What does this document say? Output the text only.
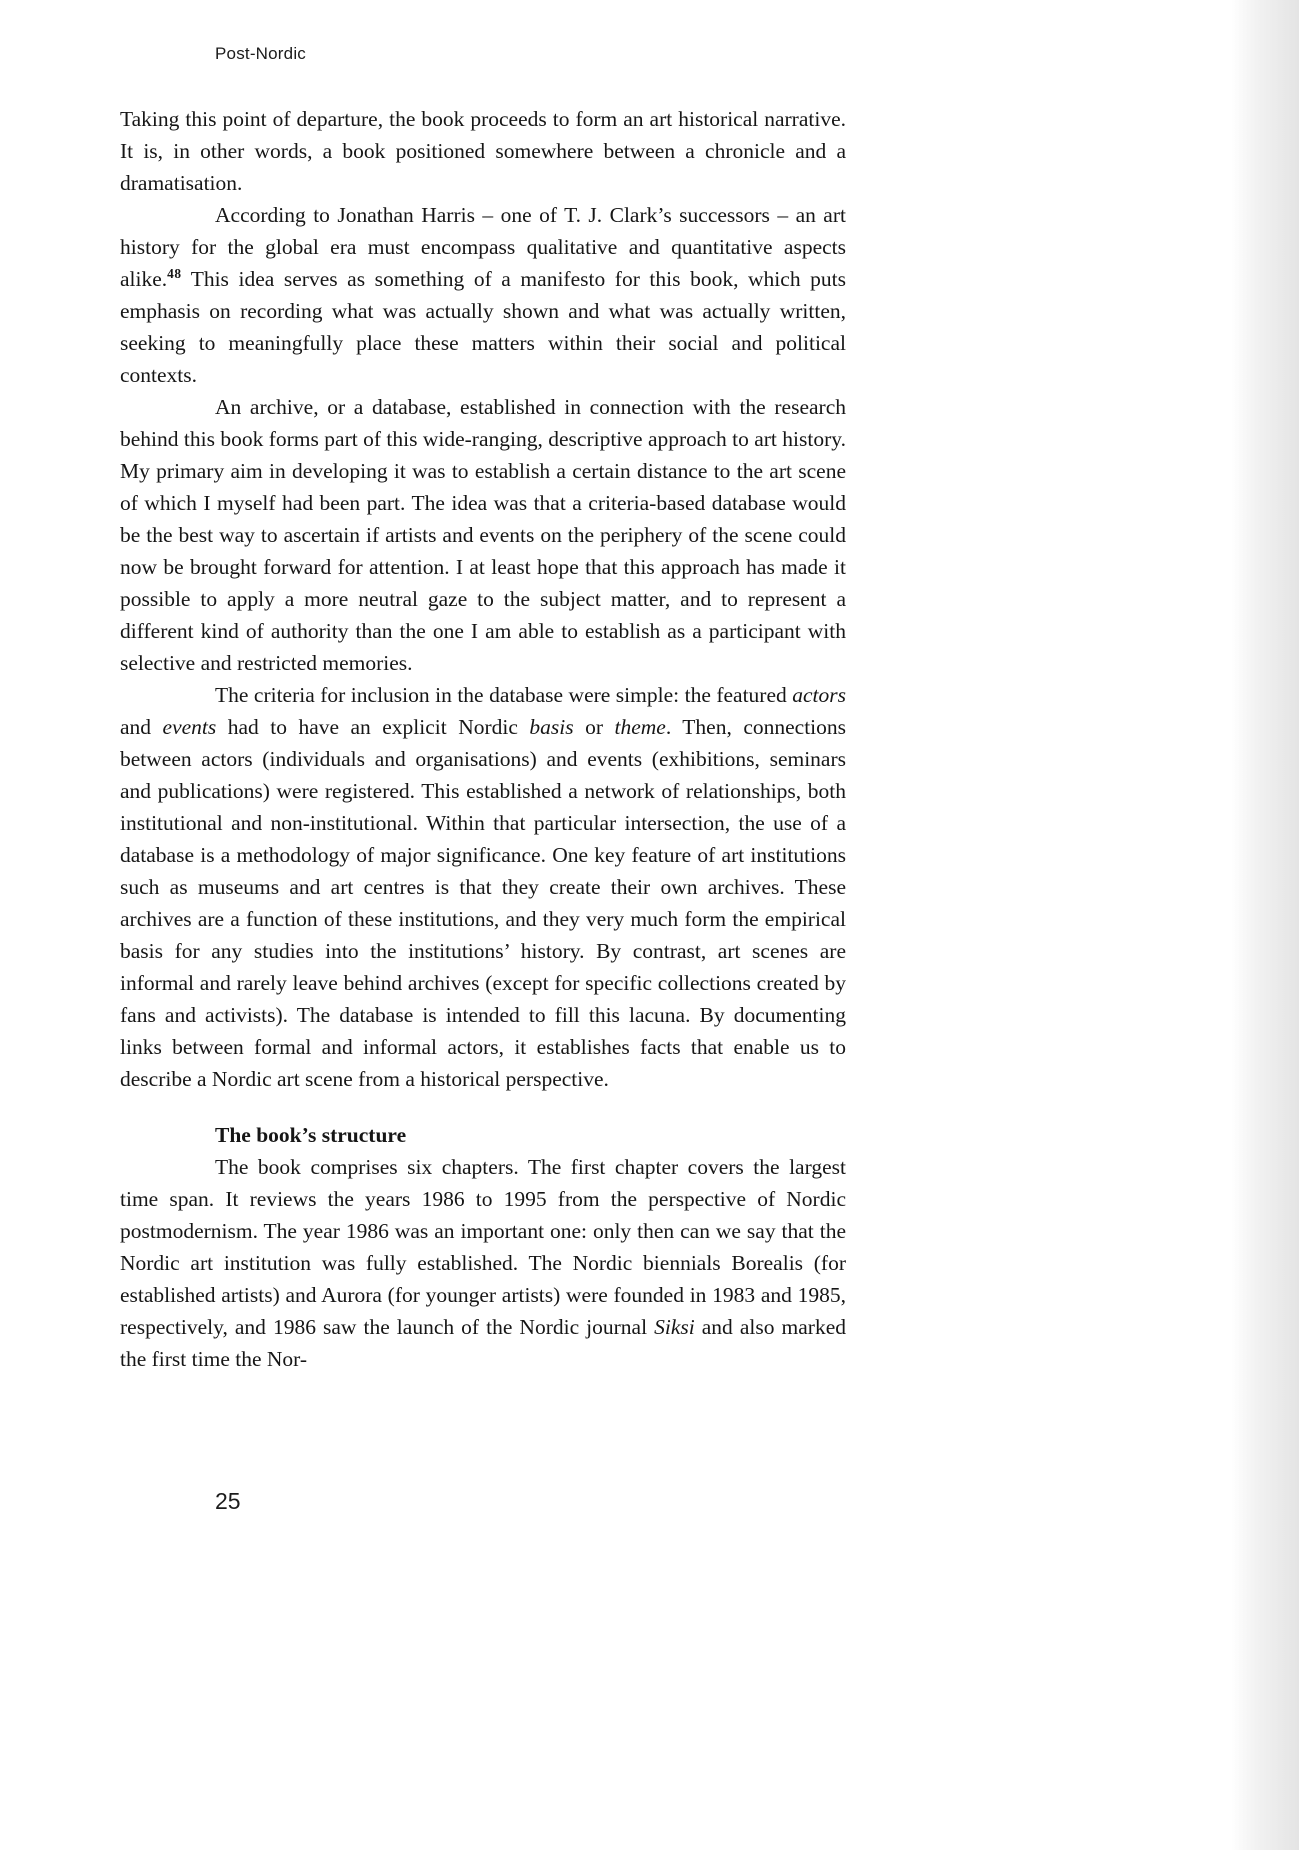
Post-Nordic

Taking this point of departure, the book proceeds to form an art historical narrative. It is, in other words, a book positioned somewhere between a chronicle and a dramatisation.

According to Jonathan Harris – one of T. J. Clark’s successors – an art history for the global era must encompass qualitative and quantitative aspects alike.$^{48}$ This idea serves as something of a manifesto for this book, which puts emphasis on recording what was actually shown and what was actually written, seeking to meaningfully place these matters within their social and political contexts.

An archive, or a database, established in connection with the research behind this book forms part of this wide-ranging, descriptive approach to art history. My primary aim in developing it was to establish a certain distance to the art scene of which I myself had been part. The idea was that a criteria-based database would be the best way to ascertain if artists and events on the periphery of the scene could now be brought forward for attention. I at least hope that this approach has made it possible to apply a more neutral gaze to the subject matter, and to represent a different kind of authority than the one I am able to establish as a participant with selective and restricted memories.

The criteria for inclusion in the database were simple: the featured actors and events had to have an explicit Nordic basis or theme. Then, connections between actors (individuals and organisations) and events (exhibitions, seminars and publications) were registered. This established a network of relationships, both institutional and non-institutional. Within that particular intersection, the use of a database is a methodology of major significance. One key feature of art institutions such as museums and art centres is that they create their own archives. These archives are a function of these institutions, and they very much form the empirical basis for any studies into the institutions’ history. By contrast, art scenes are informal and rarely leave behind archives (except for specific collections created by fans and activists). The database is intended to fill this lacuna. By documenting links between formal and informal actors, it establishes facts that enable us to describe a Nordic art scene from a historical perspective.

The book’s structure

The book comprises six chapters. The first chapter covers the largest time span. It reviews the years 1986 to 1995 from the perspective of Nordic postmodernism. The year 1986 was an important one: only then can we say that the Nordic art institution was fully established. The Nordic biennials Borealis (for established artists) and Aurora (for younger artists) were founded in 1983 and 1985, respectively, and 1986 saw the launch of the Nordic journal Siksi and also marked the first time the Nor-

25
